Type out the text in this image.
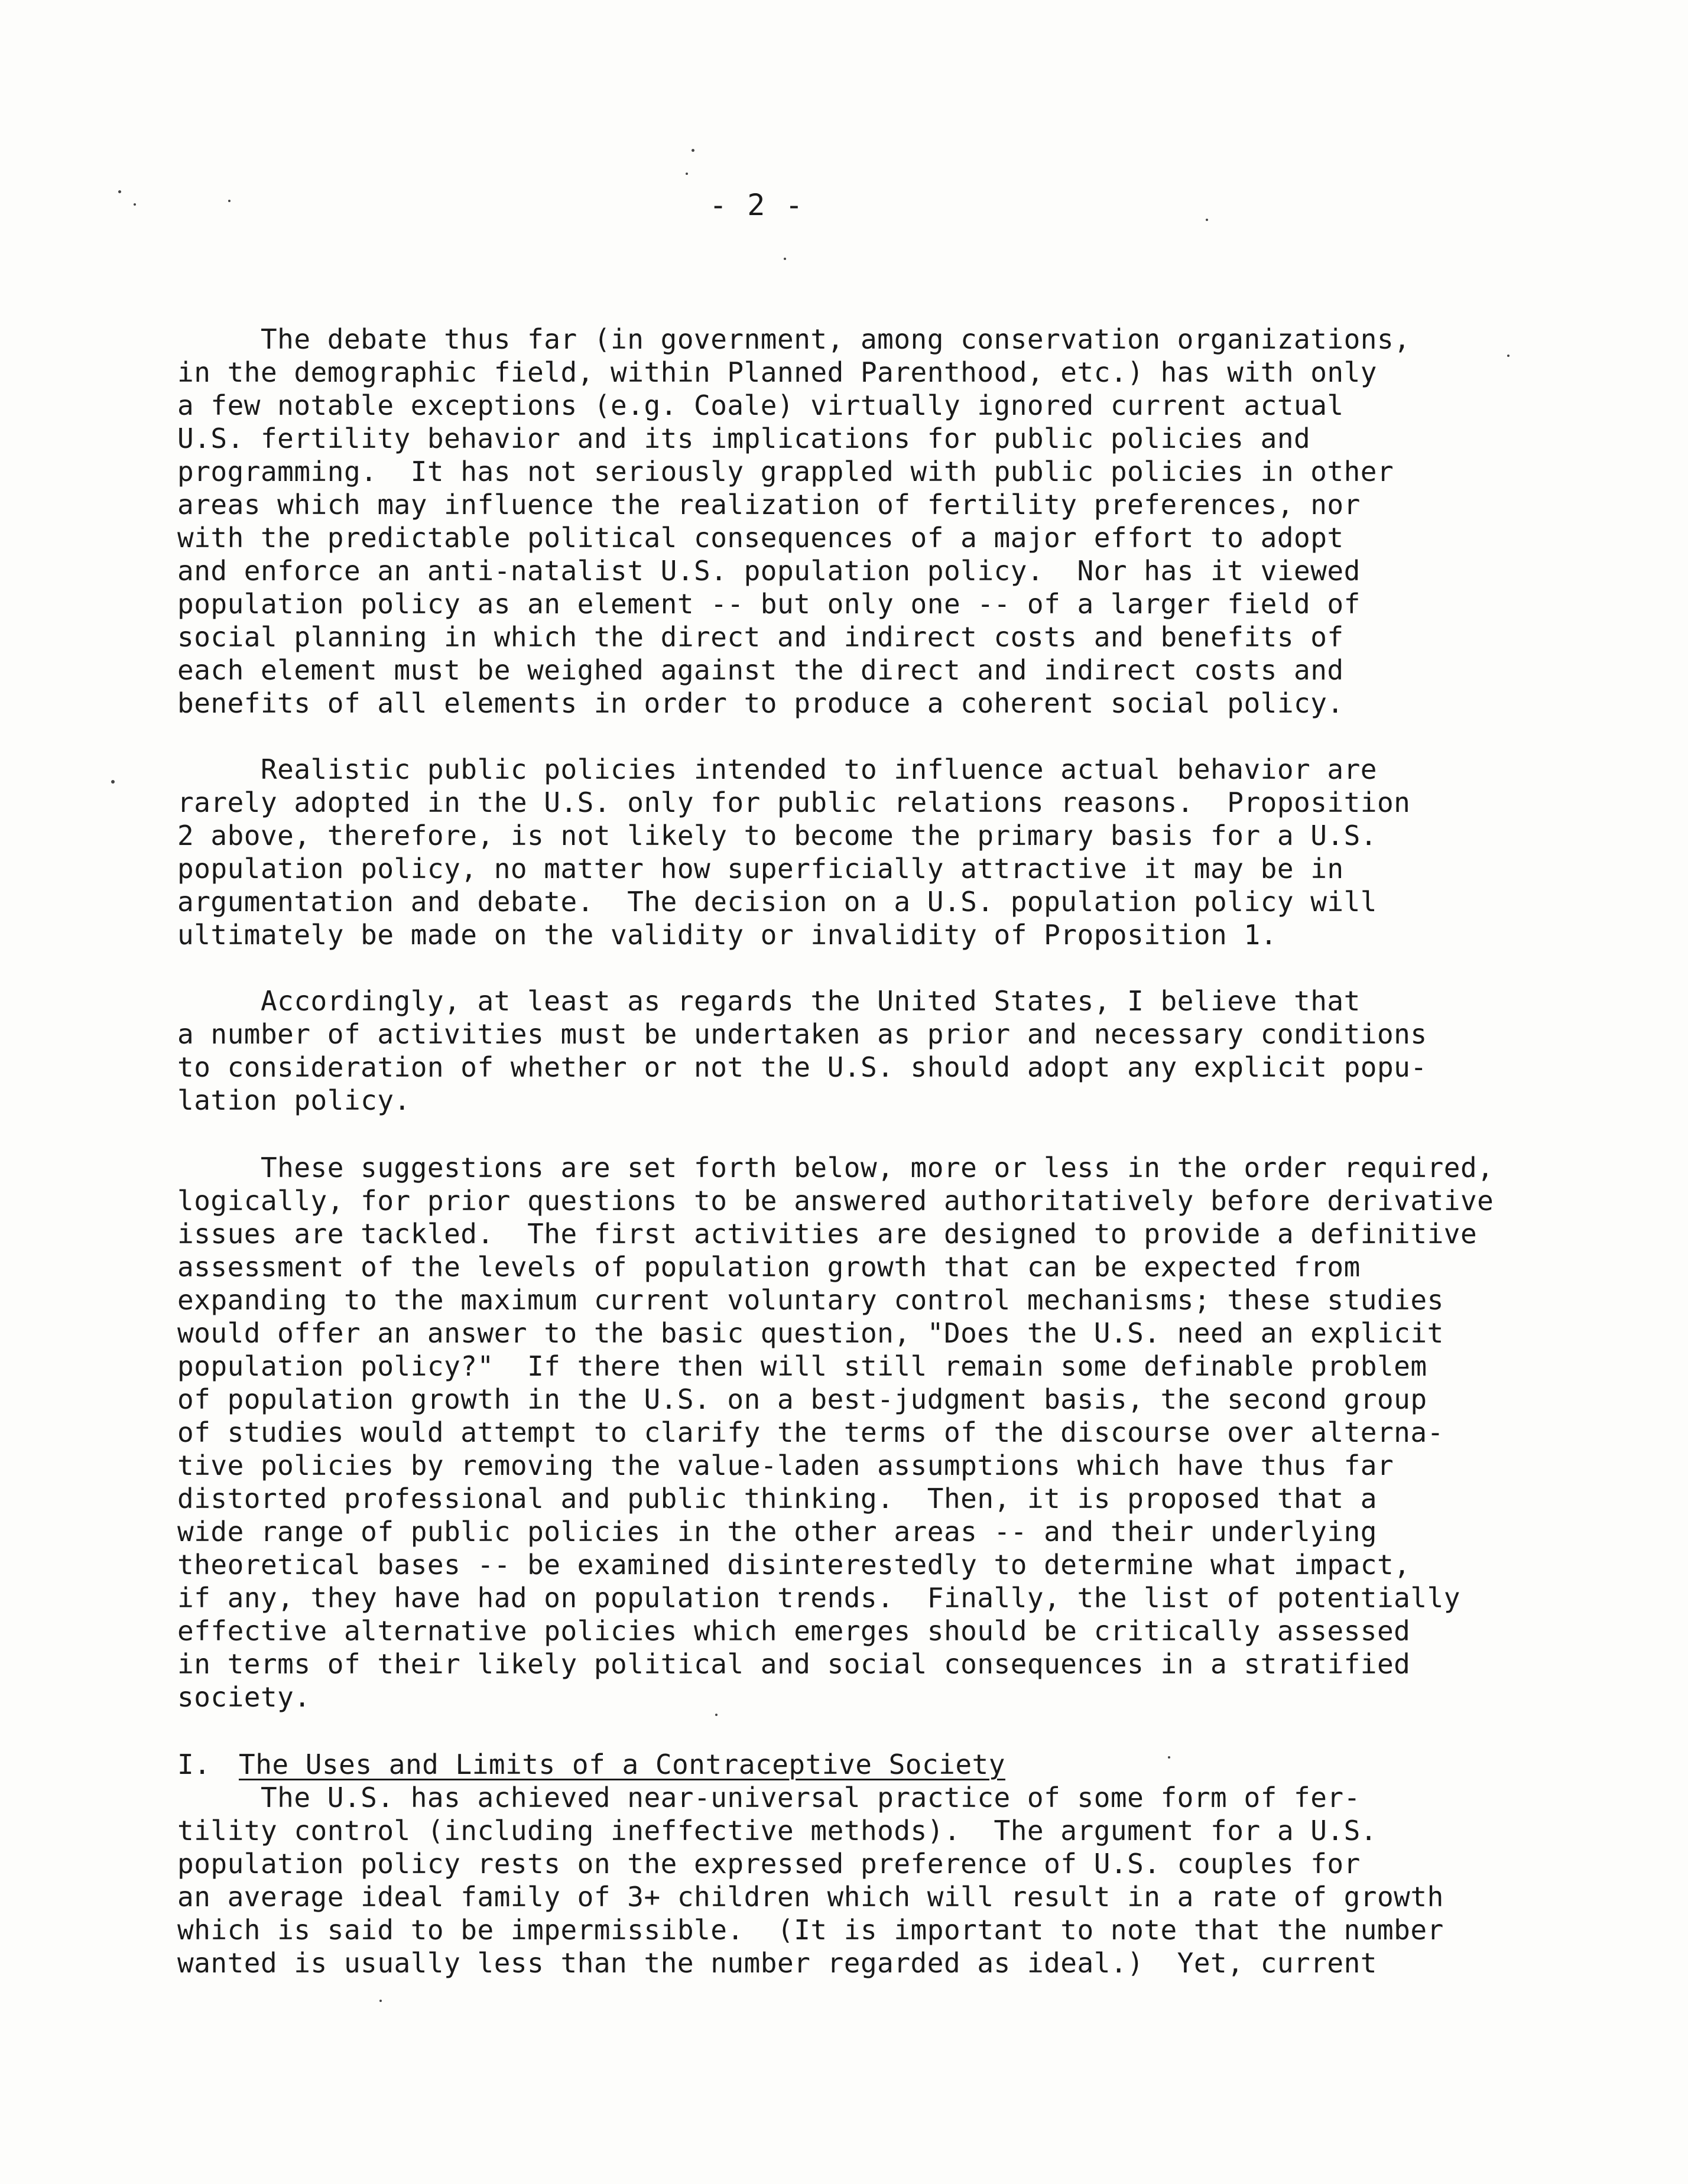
- 2 -
The debate thus far (in government, among conservation organizations,
in the demographic field, within Planned Parenthood, etc.) has with only
a few notable exceptions (e.g. Coale) virtually ignored current actual
U.S. fertility behavior and its implications for public policies and
programming.  It has not seriously grappled with public policies in other
areas which may influence the realization of fertility preferences, nor
with the predictable political consequences of a major effort to adopt
and enforce an anti-natalist U.S. population policy.  Nor has it viewed
population policy as an element -- but only one -- of a larger field of
social planning in which the direct and indirect costs and benefits of
each element must be weighed against the direct and indirect costs and
benefits of all elements in order to produce a coherent social policy.
Realistic public policies intended to influence actual behavior are
rarely adopted in the U.S. only for public relations reasons.  Proposition
2 above, therefore, is not likely to become the primary basis for a U.S.
population policy, no matter how superficially attractive it may be in
argumentation and debate.  The decision on a U.S. population policy will
ultimately be made on the validity or invalidity of Proposition 1.
Accordingly, at least as regards the United States, I believe that
a number of activities must be undertaken as prior and necessary conditions
to consideration of whether or not the U.S. should adopt any explicit popu-
lation policy.
These suggestions are set forth below, more or less in the order required,
logically, for prior questions to be answered authoritatively before derivative
issues are tackled.  The first activities are designed to provide a definitive
assessment of the levels of population growth that can be expected from
expanding to the maximum current voluntary control mechanisms; these studies
would offer an answer to the basic question, "Does the U.S. need an explicit
population policy?"  If there then will still remain some definable problem
of population growth in the U.S. on a best-judgment basis, the second group
of studies would attempt to clarify the terms of the discourse over alterna-
tive policies by removing the value-laden assumptions which have thus far
distorted professional and public thinking.  Then, it is proposed that a
wide range of public policies in the other areas -- and their underlying
theoretical bases -- be examined disinterestedly to determine what impact,
if any, they have had on population trends.  Finally, the list of potentially
effective alternative policies which emerges should be critically assessed
in terms of their likely political and social consequences in a stratified
society.
I. The Uses and Limits of a Contraceptive Society
The U.S. has achieved near-universal practice of some form of fer-
tility control (including ineffective methods).  The argument for a U.S.
population policy rests on the expressed preference of U.S. couples for
an average ideal family of 3+ children which will result in a rate of growth
which is said to be impermissible.  (It is important to note that the number
wanted is usually less than the number regarded as ideal.)  Yet, current
